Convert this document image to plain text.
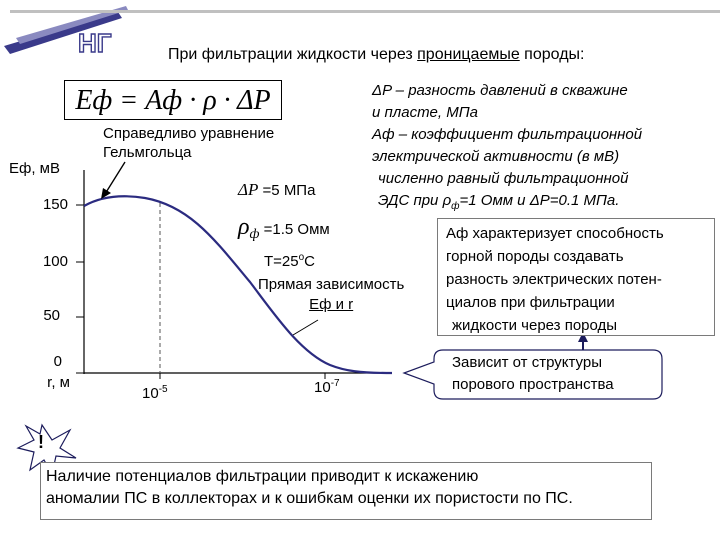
НГ	При фильтрации жидкости через проницаемые породы:
Eф = Aф · ρ · ΔP
Eф, мВ
150
100
50
0
r, м
$10^{-5}$	$10^{-7}$
Справедливо уравнение
Гельмгольца
ΔP =5 МПа
$\rho_ф =1.5$ Омм
$T=25^oC$
Прямая зависимость
Eф и r
ΔP – разность давлений в скважине
и пласте, МПа
Aф – коэффициент фильтрационной
электрической активности (в мВ)
численно равный фильтрационной
ЭДС при $\rho_ф=1$ Омм и ΔP=0.1 МПа.
Aф характеризует способность
горной породы создавать
разность электрических потен-
циалов при фильтрации
жидкости через породы
Зависит от структуры
порового пространства
!
Наличие потенциалов фильтрации приводит к искажению
аномалии ПС в коллекторах и к ошибкам оценки их пористости по ПС.
